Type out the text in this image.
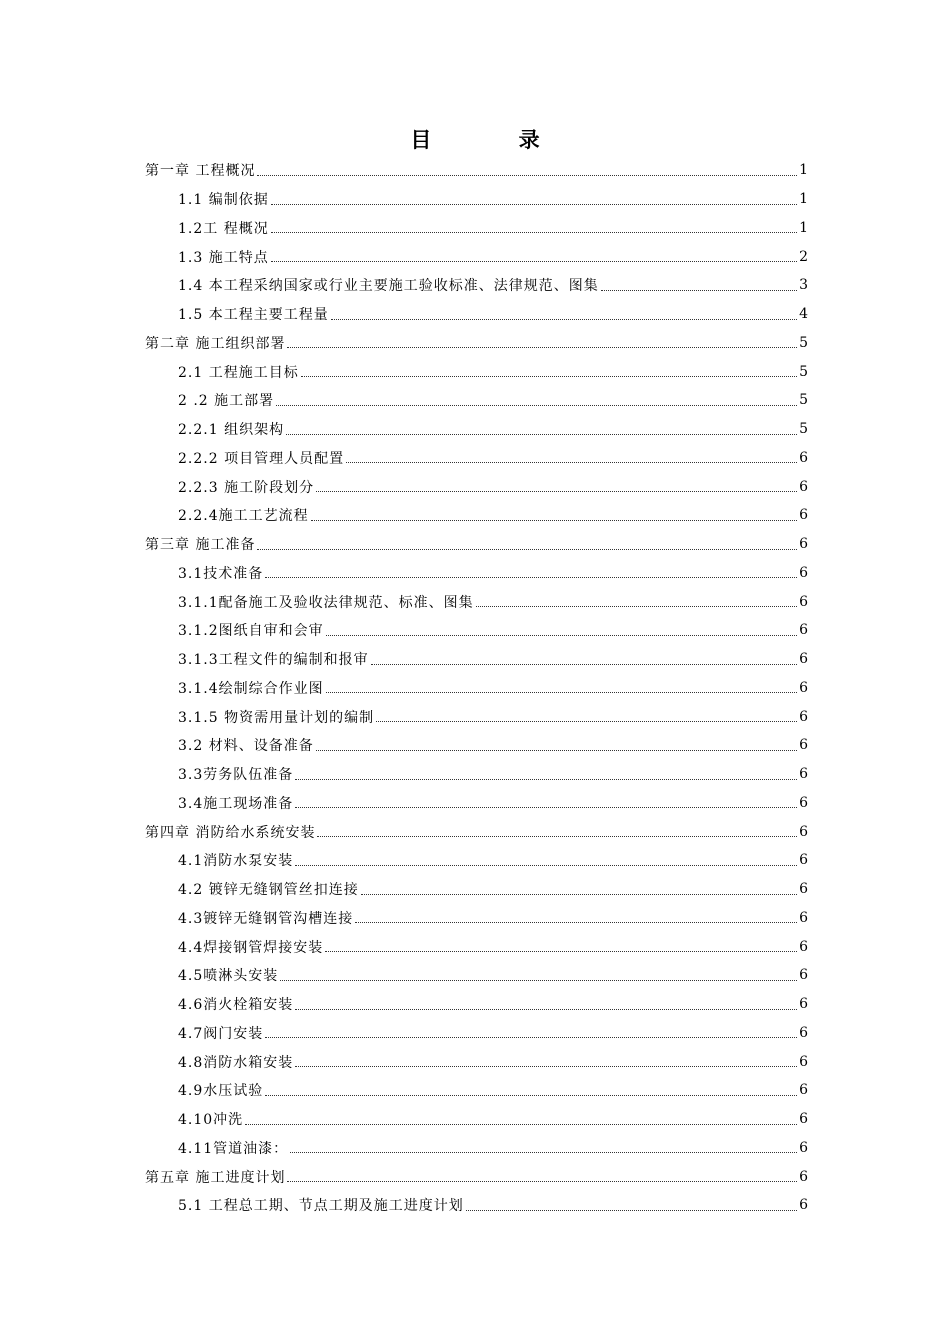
目 录
第一章 工程概况	1
1.1 编制依据	1
1.2工 程概况	1
1.3 施工特点	2
1.4 本工程采纳国家或行业主要施工验收标准、法律规范、图集	3
1.5 本工程主要工程量	4
第二章 施工组织部署	5
2.1 工程施工目标	5
2 .2 施工部署	5
2.2.1 组织架构	5
2.2.2 项目管理人员配置	6
2.2.3 施工阶段划分	6
2.2.4施工工艺流程	6
第三章 施工准备	6
3.1技术准备	6
3.1.1配备施工及验收法律规范、标准、图集	6
3.1.2图纸自审和会审	6
3.1.3工程文件的编制和报审	6
3.1.4绘制综合作业图	6
3.1.5 物资需用量计划的编制	6
3.2 材料、设备准备	6
3.3劳务队伍准备	6
3.4施工现场准备	6
第四章 消防给水系统安装	6
4.1消防水泵安装	6
4.2 镀锌无缝钢管丝扣连接	6
4.3镀锌无缝钢管沟槽连接	6
4.4焊接钢管焊接安装	6
4.5喷淋头安装	6
4.6消火栓箱安装	6
4.7阀门安装	6
4.8消防水箱安装	6
4.9水压试验	6
4.10冲洗	6
4.11管道油漆：	6
第五章 施工进度计划	6
5.1 工程总工期、节点工期及施工进度计划	6
